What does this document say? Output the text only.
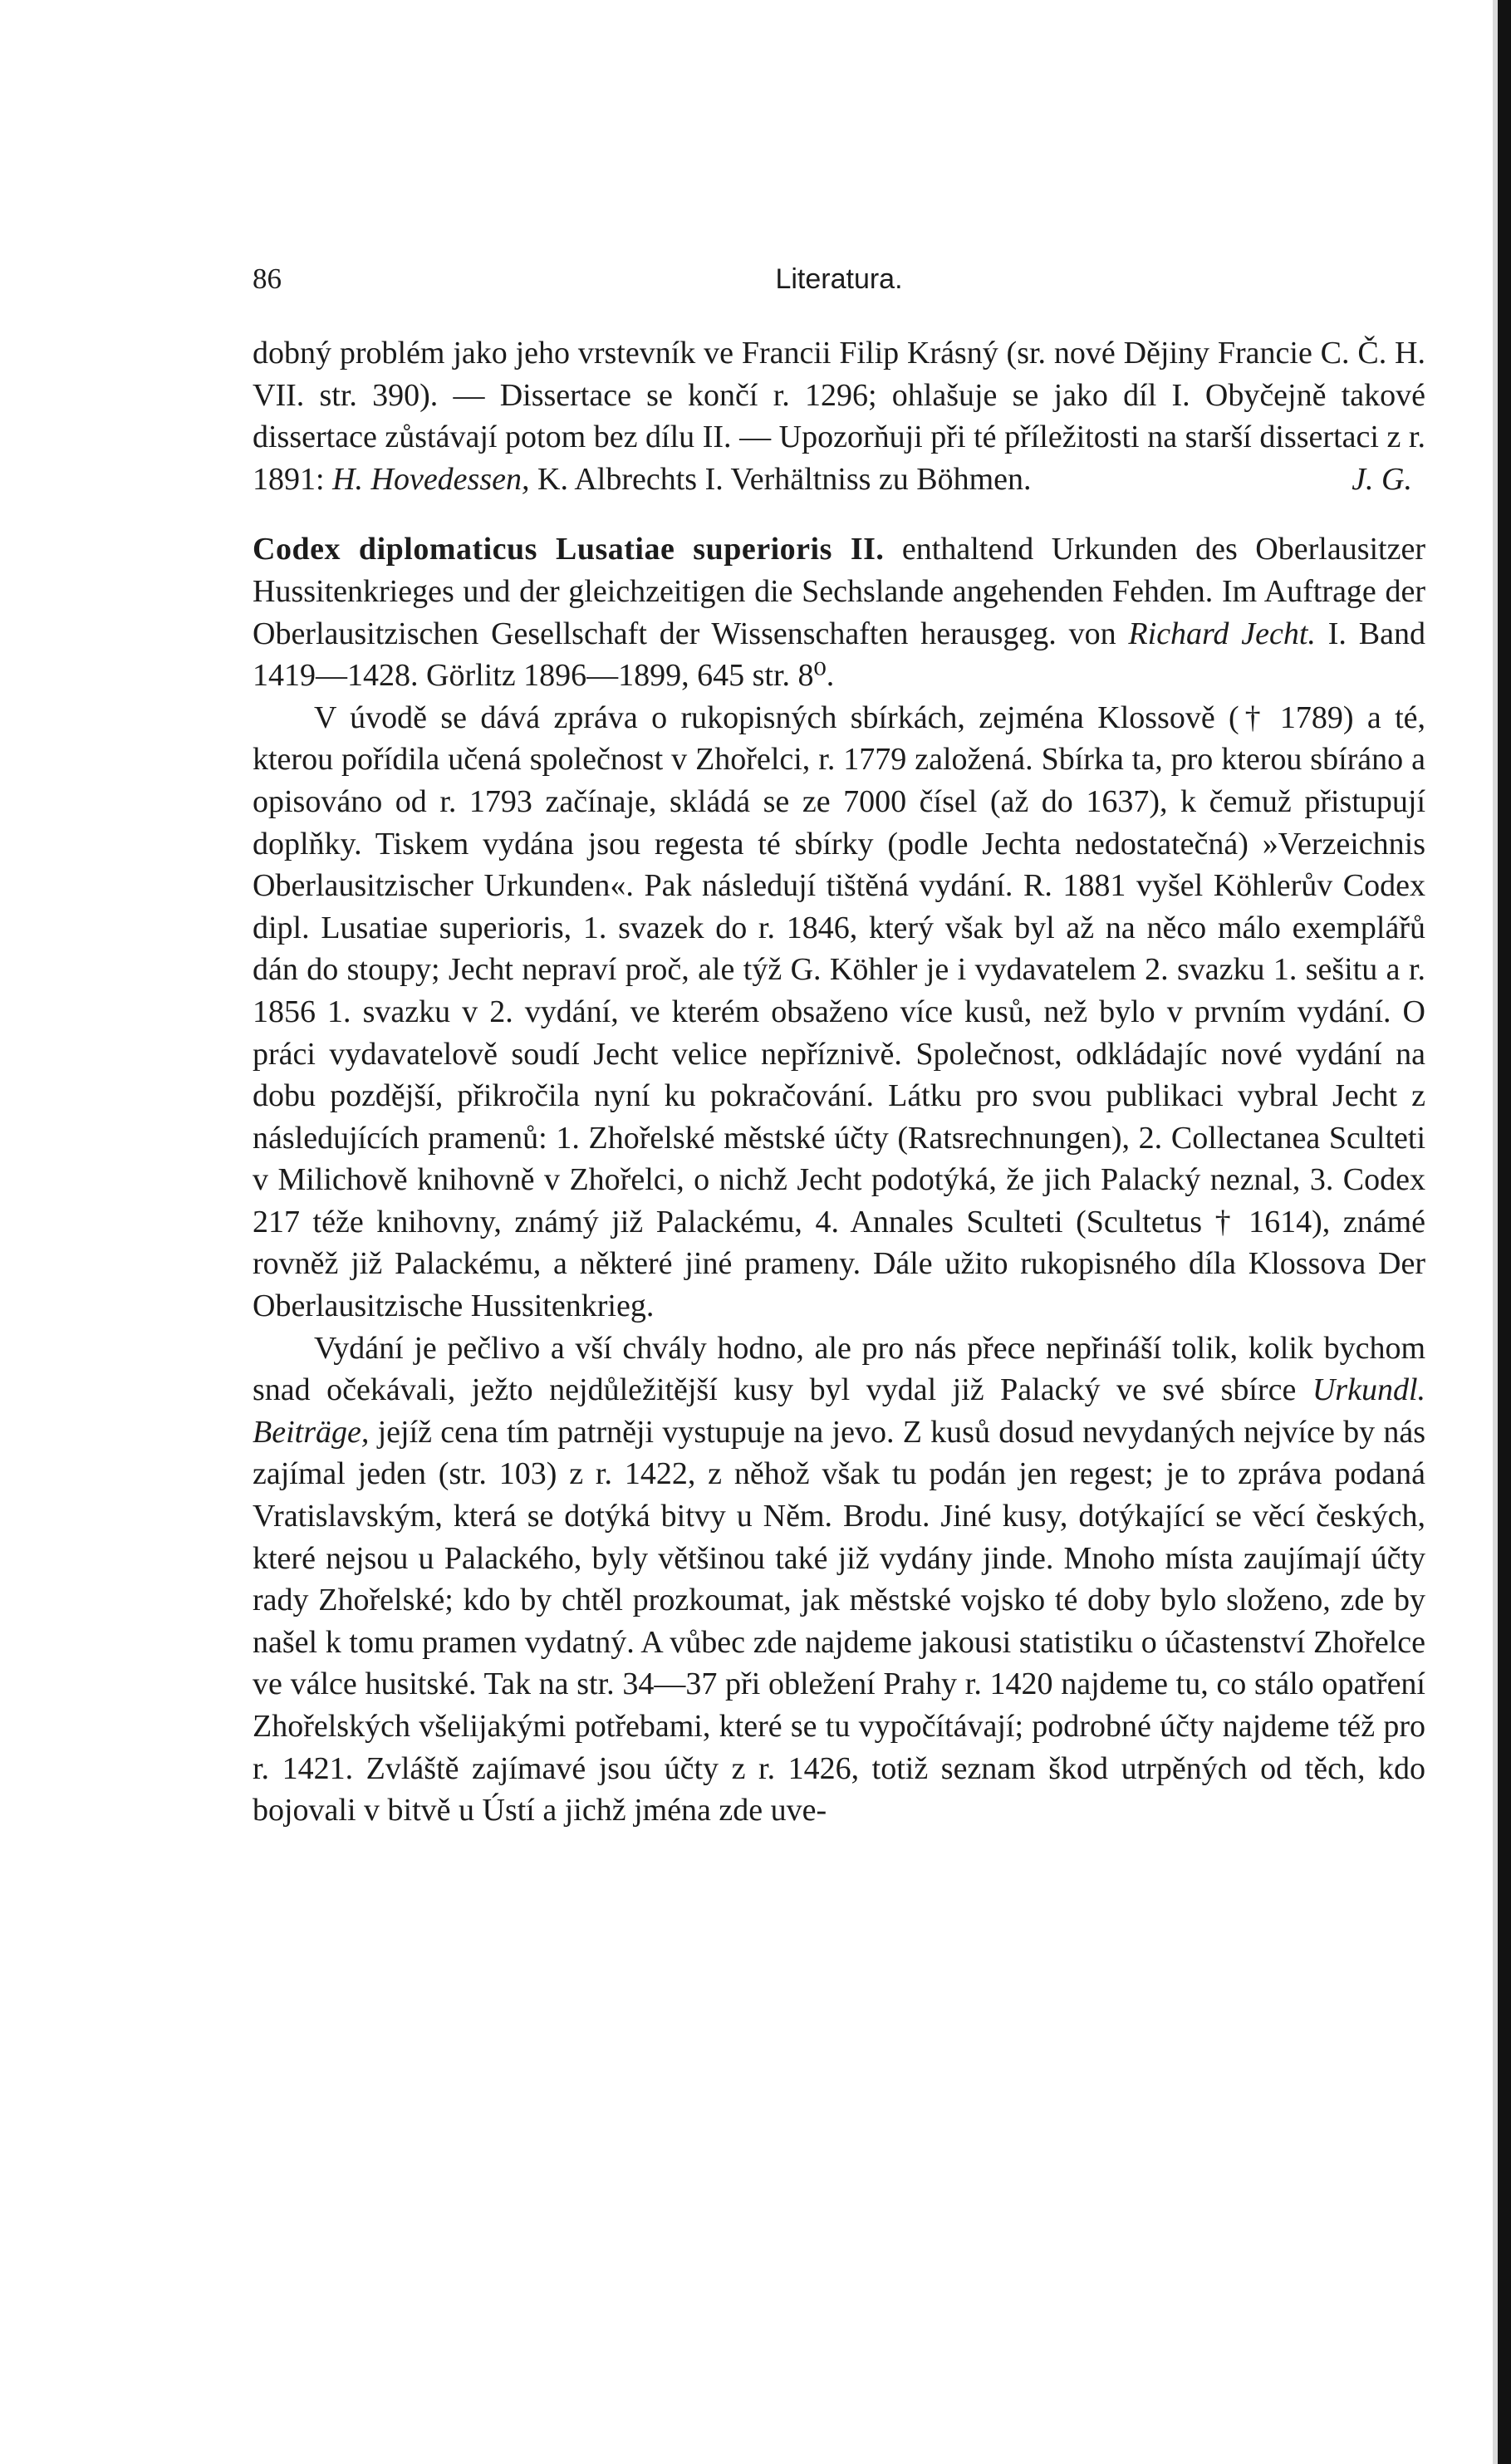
86	Literatura.

dobný problém jako jeho vrstevník ve Francii Filip Krásný (sr. nové Dějiny Francie C. Č. H. VII. str. 390). — Dissertace se končí r. 1296; ohlašuje se jako díl I. Obyčejně takové dissertace zůstávají potom bez dílu II. — Upozorňuji při té příležitosti na starší dissertaci z r. 1891: H. Hovedessen, K. Albrechts I. Verhältniss zu Böhmen.	J. G.

Codex diplomaticus Lusatiae superioris II. enthaltend Urkunden des Oberlausitzer Hussitenkrieges und der gleichzeitigen die Sechslande angehenden Fehden. Im Auftrage der Oberlausitzischen Gesellschaft der Wissenschaften herausgeg. von Richard Jecht. I. Band 1419—1428. Görlitz 1896—1899, 645 str. 8⁰.

V úvodě se dává zpráva o rukopisných sbírkách, zejména Klossově († 1789) a té, kterou pořídila učená společnost v Zhořelci, r. 1779 založená. Sbírka ta, pro kterou sbíráno a opisováno od r. 1793 začínaje, skládá se ze 7000 čísel (až do 1637), k čemuž přistupují doplňky. Tiskem vydána jsou regesta té sbírky (podle Jechta nedostatečná) »Verzeichnis Oberlausitzischer Urkunden«. Pak následují tištěná vydání. R. 1881 vyšel Köhlerův Codex dipl. Lusatiae superioris, 1. svazek do r. 1846, který však byl až na něco málo exemplářů dán do stoupy; Jecht nepraví proč, ale týž G. Köhler je i vydavatelem 2. svazku 1. sešitu a r. 1856 1. svazku v 2. vydání, ve kterém obsaženo více kusů, než bylo v prvním vydání. O práci vydavatelově soudí Jecht velice nepříznivě. Společnost, odkládajíc nové vydání na dobu pozdější, přikročila nyní ku pokračování. Látku pro svou publikaci vybral Jecht z následujících pramenů: 1. Zhořelské městské účty (Ratsrechnungen), 2. Collectanea Sculteti v Milichově knihovně v Zhořelci, o nichž Jecht podotýká, že jich Palacký neznal, 3. Codex 217 téže knihovny, známý již Palackému, 4. Annales Sculteti (Scultetus † 1614), známé rovněž již Palackému, a některé jiné prameny. Dále užito rukopisného díla Klossova Der Oberlausitzische Hussitenkrieg.

Vydání je pečlivo a vší chvály hodno, ale pro nás přece nepřináší tolik, kolik bychom snad očekávali, ježto nejdůležitější kusy byl vydal již Palacký ve své sbírce Urkundl. Beiträge, jejíž cena tím patrněji vystupuje na jevo. Z kusů dosud nevydaných nejvíce by nás zajímal jeden (str. 103) z r. 1422, z něhož však tu podán jen regest; je to zpráva podaná Vratislavským, která se dotýká bitvy u Něm. Brodu. Jiné kusy, dotýkající se věcí českých, které nejsou u Palackého, byly většinou také již vydány jinde. Mnoho místa zaujímají účty rady Zhořelské; kdo by chtěl prozkoumat, jak městské vojsko té doby bylo složeno, zde by našel k tomu pramen vydatný. A vůbec zde najdeme jakousi statistiku o účastenství Zhořelce ve válce husitské. Tak na str. 34—37 při obležení Prahy r. 1420 najdeme tu, co stálo opatření Zhořelských všelijakými potřebami, které se tu vypočítávají; podrobné účty najdeme též pro r. 1421. Zvláště zajímavé jsou účty z r. 1426, totiž seznam škod utrpěných od těch, kdo bojovali v bitvě u Ústí a jichž jména zde uve-
